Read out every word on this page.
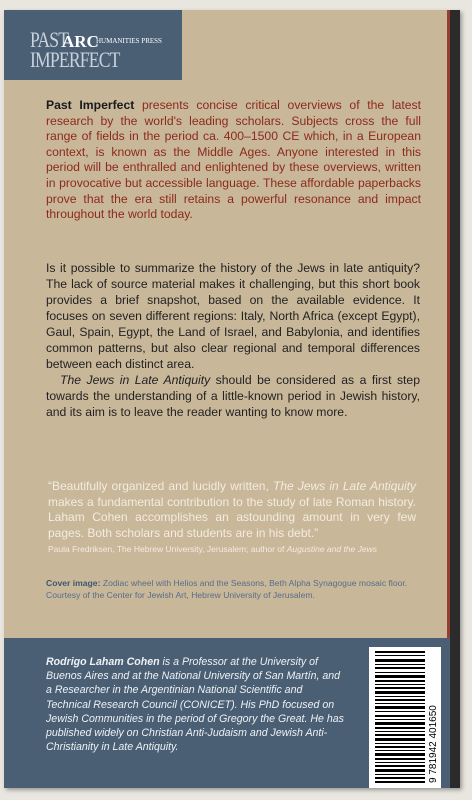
PAST
IMPERFECT
ARC
HUMANITIES PRESS
Past Imperfect presents concise critical overviews of the latest research by the world's leading scholars. Subjects cross the full range of fields in the period ca. 400–1500 CE which, in a European context, is known as the Middle Ages. Anyone interested in this period will be enthralled and enlightened by these overviews, written in provocative but accessible language. These affordable paperbacks prove that the era still retains a powerful resonance and impact throughout the world today.

Is it possible to summarize the history of the Jews in late antiquity? The lack of source material makes it challenging, but this short book provides a brief snapshot, based on the available evidence. It focuses on seven different regions: Italy, North Africa (except Egypt), Gaul, Spain, Egypt, the Land of Israel, and Babylonia, and identifies common patterns, but also clear regional and temporal differences between each distinct area.

The Jews in Late Antiquity should be considered as a first step towards the understanding of a little-known period in Jewish history, and its aim is to leave the reader wanting to know more.

“Beautifully organized and lucidly written, The Jews in Late Antiquity makes a fundamental contribution to the study of late Roman history. Laham Cohen accomplishes an astounding amount in very few pages. Both scholars and students are in his debt.”
Paula Fredriksen, The Hebrew University, Jerusalem; author of Augustine and the Jews
Cover image: Zodiac wheel with Helios and the Seasons, Beth Alpha Synagogue mosaic floor. Courtesy of the Center for Jewish Art, Hebrew University of Jerusalem.
Rodrigo Laham Cohen is a Professor at the University of Buenos Aires and at the National University of San Martín, and a Researcher in the Argentinian National Scientific and Technical Research Council (CONICET). His PhD focused on Jewish Communities in the period of Gregory the Great. He has published widely on Christian Anti-Judaism and Jewish Anti-Christianity in Late Antiquity.	9 781942 401650
